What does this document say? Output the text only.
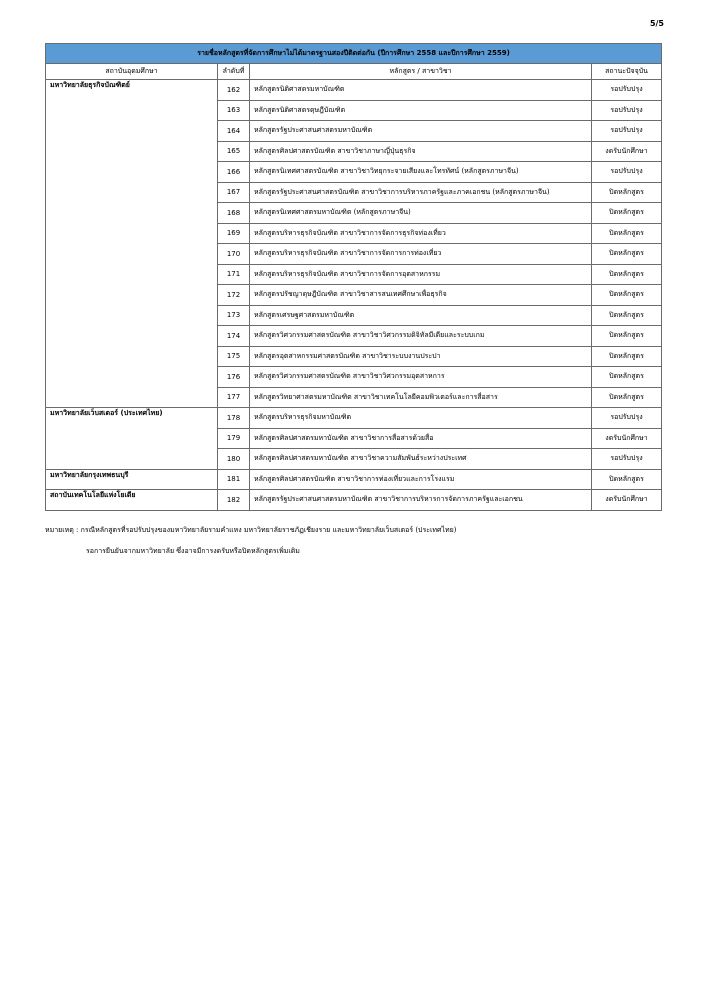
5/5
รายชื่อหลักสูตรที่จัดการศึกษาไม่ได้มาตรฐานสองปีติดต่อกัน (ปีการศึกษา 2558 และปีการศึกษา 2559)			
สถาบันอุดมศึกษา	ลำดับที่	หลักสูตร / สาขาวิชา	สถานะปัจจุบัน
มหาวิทยาลัยธุรกิจบัณฑิตย์	162	หลักสูตรนิติศาสตรมหาบัณฑิต	รอปรับปรุง
	163	หลักสูตรนิติศาสตรดุษฎีบัณฑิต	รอปรับปรุง
	164	หลักสูตรรัฐประศาสนศาสตรมหาบัณฑิต	รอปรับปรุง
	165	หลักสูตรศิลปศาสตรบัณฑิต สาขาวิชาภาษาญี่ปุ่นธุรกิจ	งดรับนักศึกษา
	166	หลักสูตรนิเทศศาสตรบัณฑิต สาขาวิชาวิทยุกระจายเสียงและโทรทัศน์ (หลักสูตรภาษาจีน)	รอปรับปรุง
	167	หลักสูตรรัฐประศาสนศาสตรบัณฑิต สาขาวิชาการบริหารภาครัฐและภาคเอกชน (หลักสูตรภาษาจีน)	ปิดหลักสูตร
	168	หลักสูตรนิเทศศาสตรมหาบัณฑิต (หลักสูตรภาษาจีน)	ปิดหลักสูตร
	169	หลักสูตรบริหารธุรกิจบัณฑิต สาขาวิชาการจัดการธุรกิจท่องเที่ยว	ปิดหลักสูตร
	170	หลักสูตรบริหารธุรกิจบัณฑิต สาขาวิชาการจัดการการท่องเที่ยว	ปิดหลักสูตร
	171	หลักสูตรบริหารธุรกิจบัณฑิต สาขาวิชาการจัดการอุตสาหกรรม	ปิดหลักสูตร
	172	หลักสูตรปรัชญาดุษฎีบัณฑิต สาขาวิชาสารสนเทศศึกษาเพื่อธุรกิจ	ปิดหลักสูตร
	173	หลักสูตรเศรษฐศาสตรมหาบัณฑิต	ปิดหลักสูตร
	174	หลักสูตรวิศวกรรมศาสตรบัณฑิต สาขาวิชาวิศวกรรมดิจิทัลมีเดียและระบบเกม	ปิดหลักสูตร
	175	หลักสูตรอุตสาหกรรมศาสตรบัณฑิต สาขาวิชาระบบงานประปา	ปิดหลักสูตร
	176	หลักสูตรวิศวกรรมศาสตรบัณฑิต สาขาวิชาวิศวกรรมอุตสาหการ	ปิดหลักสูตร
	177	หลักสูตรวิทยาศาสตรมหาบัณฑิต สาขาวิชาเทคโนโลยีคอมพิวเตอร์และการสื่อสาร	ปิดหลักสูตร
มหาวิทยาลัยเว็บสเตอร์ (ประเทศไทย)	178	หลักสูตรบริหารธุรกิจมหาบัณฑิต	รอปรับปรุง
	179	หลักสูตรศิลปศาสตรมหาบัณฑิต สาขาวิชาการสื่อสารด้วยสื่อ	งดรับนักศึกษา
	180	หลักสูตรศิลปศาสตรมหาบัณฑิต สาขาวิชาความสัมพันธ์ระหว่างประเทศ	รอปรับปรุง
มหาวิทยาลัยกรุงเทพธนบุรี	181	หลักสูตรศิลปศาสตรบัณฑิต สาขาวิชาการท่องเที่ยวและการโรงแรม	ปิดหลักสูตร
สถาบันเทคโนโลยีแห่งโยเดีย	182	หลักสูตรรัฐประศาสนศาสตรมหาบัณฑิต สาขาวิชาการบริหารการจัดการภาครัฐและเอกชน	งดรับนักศึกษา
หมายเหตุ : กรณีหลักสูตรที่รอปรับปรุงของมหาวิทยาลัยรามคำแหง มหาวิทยาลัยราชภัฏเชียงราย และมหาวิทยาลัยเว็บสเตอร์ (ประเทศไทย)
รอการยืนยันจากมหาวิทยาลัย ซึ่งอาจมีการงดรับหรือปิดหลักสูตรเพิ่มเติม
